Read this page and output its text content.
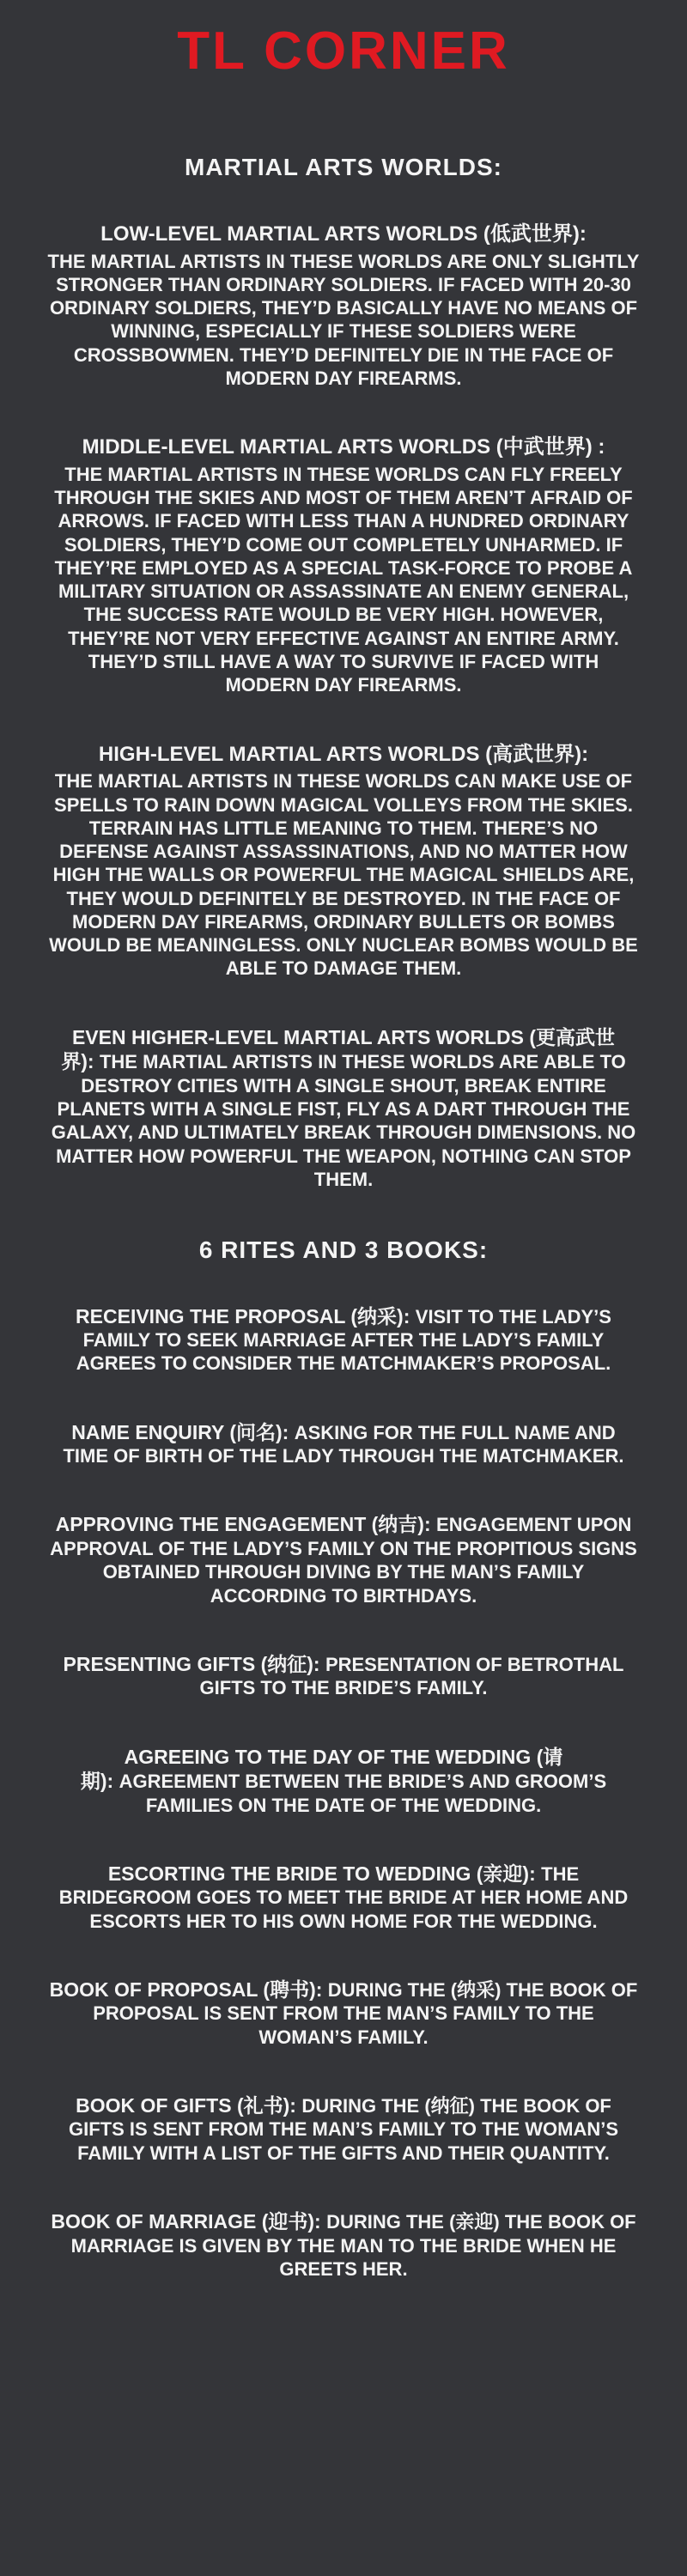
TL CORNER
MARTIAL ARTS WORLDS:

LOW-LEVEL MARTIAL ARTS WORLDS (低武世界):
THE MARTIAL ARTISTS IN THESE WORLDS ARE ONLY SLIGHTLY STRONGER THAN ORDINARY SOLDIERS. IF FACED WITH 20-30 ORDINARY SOLDIERS, THEY’D BASICALLY HAVE NO MEANS OF WINNING, ESPECIALLY IF THESE SOLDIERS WERE CROSSBOWMEN. THEY’D DEFINITELY DIE IN THE FACE OF MODERN DAY FIREARMS.

MIDDLE-LEVEL MARTIAL ARTS WORLDS (中武世界) :
THE MARTIAL ARTISTS IN THESE WORLDS CAN FLY FREELY THROUGH THE SKIES AND MOST OF THEM AREN’T AFRAID OF ARROWS. IF FACED WITH LESS THAN A HUNDRED ORDINARY SOLDIERS, THEY’D COME OUT COMPLETELY UNHARMED. IF THEY’RE EMPLOYED AS A SPECIAL TASK-FORCE TO PROBE A MILITARY SITUATION OR ASSASSINATE AN ENEMY GENERAL, THE SUCCESS RATE WOULD BE VERY HIGH. HOWEVER, THEY’RE NOT VERY EFFECTIVE AGAINST AN ENTIRE ARMY. THEY’D STILL HAVE A WAY TO SURVIVE IF FACED WITH MODERN DAY FIREARMS.

HIGH-LEVEL MARTIAL ARTS WORLDS (高武世界):
THE MARTIAL ARTISTS IN THESE WORLDS CAN MAKE USE OF SPELLS TO RAIN DOWN MAGICAL VOLLEYS FROM THE SKIES. TERRAIN HAS LITTLE MEANING TO THEM. THERE’S NO DEFENSE AGAINST ASSASSINATIONS, AND NO MATTER HOW HIGH THE WALLS OR POWERFUL THE MAGICAL SHIELDS ARE, THEY WOULD DEFINITELY BE DESTROYED. IN THE FACE OF MODERN DAY FIREARMS, ORDINARY BULLETS OR BOMBS WOULD BE MEANINGLESS. ONLY NUCLEAR BOMBS WOULD BE ABLE TO DAMAGE THEM.

EVEN HIGHER-LEVEL MARTIAL ARTS WORLDS (更高武世界): THE MARTIAL ARTISTS IN THESE WORLDS ARE ABLE TO DESTROY CITIES WITH A SINGLE SHOUT, BREAK ENTIRE PLANETS WITH A SINGLE FIST, FLY AS A DART THROUGH THE GALAXY, AND ULTIMATELY BREAK THROUGH DIMENSIONS. NO MATTER HOW POWERFUL THE WEAPON, NOTHING CAN STOP THEM.

6 RITES AND 3 BOOKS:

RECEIVING THE PROPOSAL (纳采): VISIT TO THE LADY’S FAMILY TO SEEK MARRIAGE AFTER THE LADY’S FAMILY AGREES TO CONSIDER THE MATCHMAKER’S PROPOSAL.

NAME ENQUIRY (问名): ASKING FOR THE FULL NAME AND TIME OF BIRTH OF THE LADY THROUGH THE MATCHMAKER.

APPROVING THE ENGAGEMENT (纳吉): ENGAGEMENT UPON APPROVAL OF THE LADY’S FAMILY ON THE PROPITIOUS SIGNS OBTAINED THROUGH DIVING BY THE MAN’S FAMILY ACCORDING TO BIRTHDAYS.

PRESENTING GIFTS (纳征): PRESENTATION OF BETROTHAL GIFTS TO THE BRIDE’S FAMILY.

AGREEING TO THE DAY OF THE WEDDING (请期): AGREEMENT BETWEEN THE BRIDE’S AND GROOM’S FAMILIES ON THE DATE OF THE WEDDING.

ESCORTING THE BRIDE TO WEDDING (亲迎): THE BRIDEGROOM GOES TO MEET THE BRIDE AT HER HOME AND ESCORTS HER TO HIS OWN HOME FOR THE WEDDING.

BOOK OF PROPOSAL (聘书): DURING THE (纳采) THE BOOK OF PROPOSAL IS SENT FROM THE MAN’S FAMILY TO THE WOMAN’S FAMILY.

BOOK OF GIFTS (礼书): DURING THE (纳征) THE BOOK OF GIFTS IS SENT FROM THE MAN’S FAMILY TO THE WOMAN’S FAMILY WITH A LIST OF THE GIFTS AND THEIR QUANTITY.

BOOK OF MARRIAGE (迎书): DURING THE (亲迎) THE BOOK OF MARRIAGE IS GIVEN BY THE MAN TO THE BRIDE WHEN HE GREETS HER.
